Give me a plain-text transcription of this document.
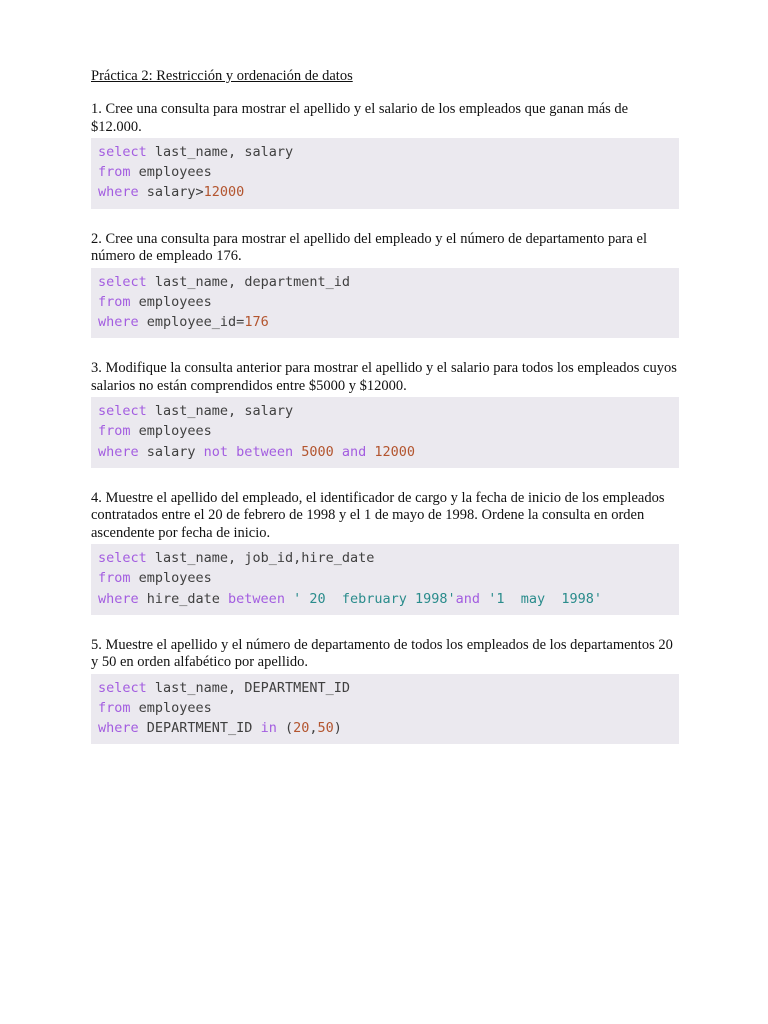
Práctica 2: Restricción y ordenación de datos
1. Cree una consulta para mostrar el apellido y el salario de los empleados que ganan más de $12.000.
select last_name, salary
from employees
where salary>12000
2. Cree una consulta para mostrar el apellido del empleado y el número de departamento para el número de empleado 176.
select last_name, department_id
from employees
where employee_id=176
3. Modifique la consulta anterior para mostrar el apellido y el salario para todos los empleados cuyos salarios no están comprendidos entre $5000 y $12000.
select last_name, salary
from employees
where salary not between 5000 and 12000
4. Muestre el apellido del empleado, el identificador de cargo y la fecha de inicio de los empleados contratados entre el 20 de febrero de 1998 y el 1 de mayo de 1998. Ordene la consulta en orden ascendente por fecha de inicio.
select last_name, job_id,hire_date
from employees
where hire_date between ' 20  february 1998'and '1  may  1998'
5. Muestre el apellido y el número de departamento de todos los empleados de los departamentos 20 y 50 en orden alfabético por apellido.
select last_name, DEPARTMENT_ID
from employees
where DEPARTMENT_ID in (20,50)
